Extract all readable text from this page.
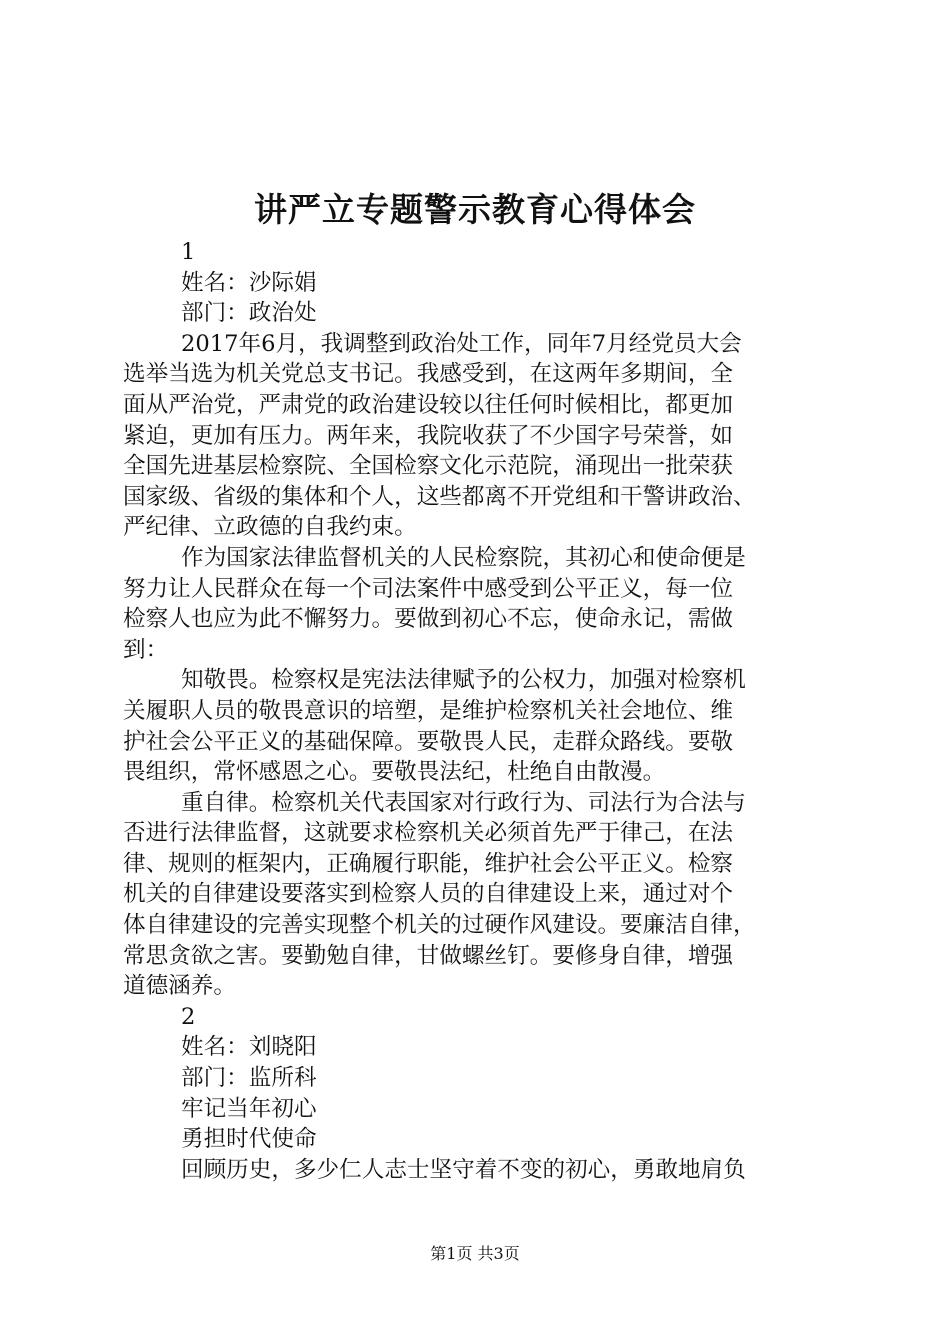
讲严立专题警示教育心得体会
1
姓名：沙际娟
部门：政治处
2017年6月，我调整到政治处工作，同年7月经党员大会
选举当选为机关党总支书记。我感受到，在这两年多期间，全
面从严治党，严肃党的政治建设较以往任何时候相比，都更加
紧迫，更加有压力。两年来，我院收获了不少国字号荣誉，如
全国先进基层检察院、全国检察文化示范院，涌现出一批荣获
国家级、省级的集体和个人，这些都离不开党组和干警讲政治、
严纪律、立政德的自我约束。
作为国家法律监督机关的人民检察院，其初心和使命便是
努力让人民群众在每一个司法案件中感受到公平正义，每一位
检察人也应为此不懈努力。要做到初心不忘，使命永记，需做
到：
知敬畏。检察权是宪法法律赋予的公权力，加强对检察机
关履职人员的敬畏意识的培塑，是维护检察机关社会地位、维
护社会公平正义的基础保障。要敬畏人民，走群众路线。要敬
畏组织，常怀感恩之心。要敬畏法纪，杜绝自由散漫。
重自律。检察机关代表国家对行政行为、司法行为合法与
否进行法律监督，这就要求检察机关必须首先严于律己，在法
律、规则的框架内，正确履行职能，维护社会公平正义。检察
机关的自律建设要落实到检察人员的自律建设上来，通过对个
体自律建设的完善实现整个机关的过硬作风建设。要廉洁自律，
常思贪欲之害。要勤勉自律，甘做螺丝钉。要修身自律，增强
道德涵养。
2
姓名：刘晓阳
部门：监所科
牢记当年初心
勇担时代使命
回顾历史，多少仁人志士坚守着不变的初心，勇敢地肩负
第1页 共3页
